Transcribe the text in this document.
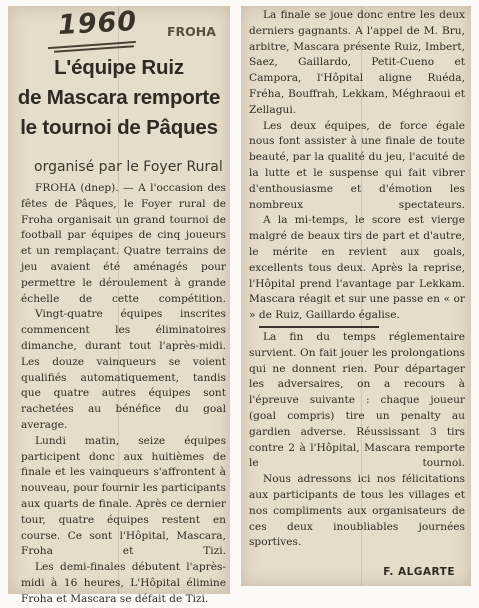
1960 FROHA
L'équipe Ruiz
de Mascara remporte
le tournoi de Pâques
organisé par le Foyer Rural

FROHA (dnep). — A l'occasion des fêtes de Pâques, le Foyer rural de Froha organisait un grand tournoi de football par équipes de cinq joueurs et un remplaçant. Quatre terrains de jeu avaient été aménagés pour permettre le déroulement à grande échelle de cette compétition.

Vingt-quatre équipes inscrites commencent les éliminatoires dimanche, durant tout l'après-midi. Les douze vainqueurs se voient qualifiés automatiquement, tandis que quatre autres équipes sont rachetées au bénéfice du goal average.

Lundi matin, seize équipes participent donc aux huitièmes de finale et les vainqueurs s'affrontent à nouveau, pour fournir les participants aux quarts de finale. Après ce dernier tour, quatre équipes restent en course. Ce sont l'Hôpital, Mascara, Froha et Tizi.

Les demi-finales débutent l'après-midi à 16 heures, L'Hôpital élimine Froha et Mascara se défait de Tizi.

La finale se joue donc entre les deux derniers gagnants. A l'appel de M. Bru, arbitre, Mascara présente Ruiz, Imbert, Saez, Gaillardo, Petit-Cueno et Campora, l'Hôpital aligne Ruéda, Fréha, Bouffrah, Lekkam, Méghraoui et Zellagui.

Les deux équipes, de force égale nous font assister à une finale de toute beauté, par la qualité du jeu, l'acuité de la lutte et le suspense qui fait vibrer d'enthousiasme et d'émotion les nombreux spectateurs.

A la mi-temps, le score est vierge malgré de beaux tirs de part et d'autre, le mérite en revient aux goals, excellents tous deux. Après la reprise, l'Hôpital prend l'avantage par Lekkam. Mascara réagit et sur une passe en « or » de Ruiz, Gaillardo égalise.

La fin du temps réglementaire survient. On fait jouer les prolongations qui ne donnent rien. Pour départager les adversaires, on a recours à l'épreuve suivante : chaque joueur (goal compris) tire un penalty au gardien adverse. Réussissant 3 tirs contre 2 à l'Hôpital, Mascara remporte le tournoi.

Nous adressons ici nos félicitations aux participants de tous les villages et nos compliments aux organisateurs de ces deux inoubliables journées sportives.

F. ALGARTE
